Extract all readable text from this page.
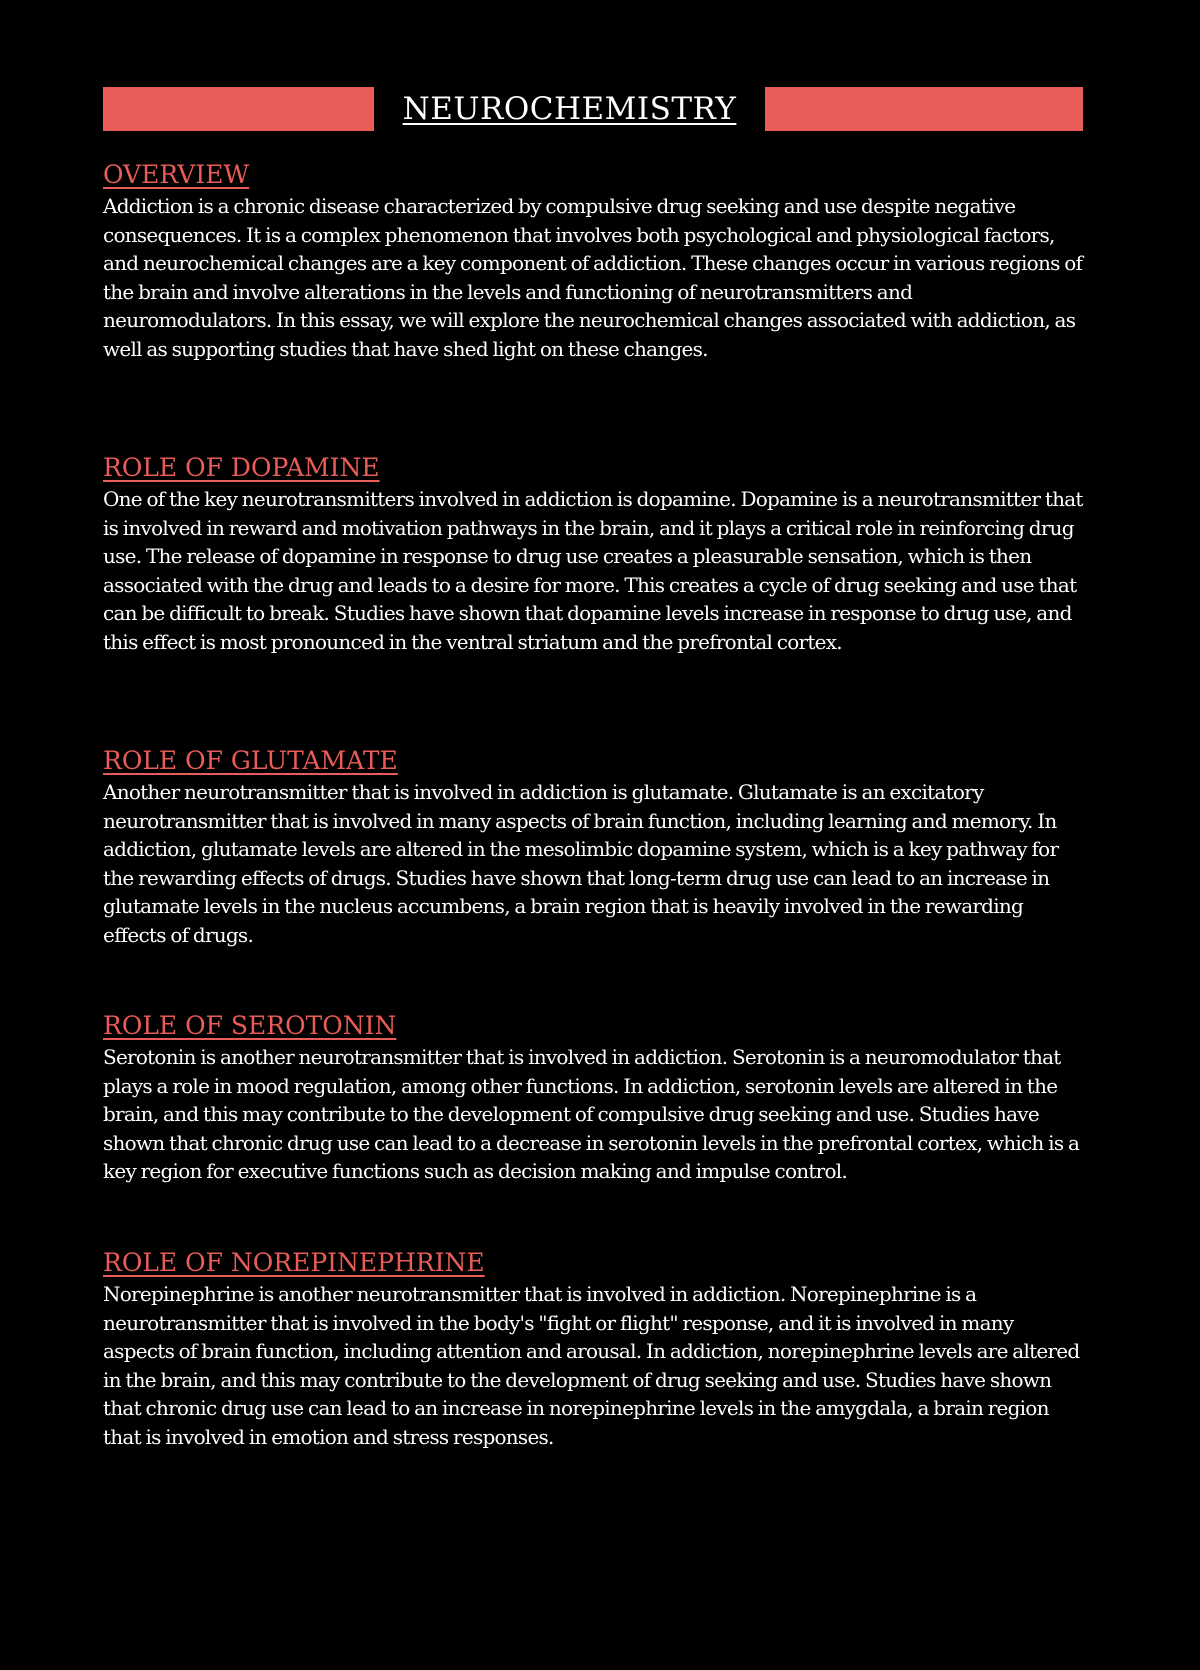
NEUROCHEMISTRY
OVERVIEW

Addiction is a chronic disease characterized by compulsive drug seeking and use despite negative consequences. It is a complex phenomenon that involves both psychological and physiological factors, and neurochemical changes are a key component of addiction. These changes occur in various regions of the brain and involve alterations in the levels and functioning of neurotransmitters and neuromodulators. In this essay, we will explore the neurochemical changes associated with addiction, as well as supporting studies that have shed light on these changes.

ROLE OF DOPAMINE

One of the key neurotransmitters involved in addiction is dopamine. Dopamine is a neurotransmitter that is involved in reward and motivation pathways in the brain, and it plays a critical role in reinforcing drug use. The release of dopamine in response to drug use creates a pleasurable sensation, which is then associated with the drug and leads to a desire for more. This creates a cycle of drug seeking and use that can be difficult to break. Studies have shown that dopamine levels increase in response to drug use, and this effect is most pronounced in the ventral striatum and the prefrontal cortex.

ROLE OF GLUTAMATE

Another neurotransmitter that is involved in addiction is glutamate. Glutamate is an excitatory neurotransmitter that is involved in many aspects of brain function, including learning and memory. In addiction, glutamate levels are altered in the mesolimbic dopamine system, which is a key pathway for the rewarding effects of drugs. Studies have shown that long-term drug use can lead to an increase in glutamate levels in the nucleus accumbens, a brain region that is heavily involved in the rewarding effects of drugs.

ROLE OF SEROTONIN

Serotonin is another neurotransmitter that is involved in addiction. Serotonin is a neuromodulator that plays a role in mood regulation, among other functions. In addiction, serotonin levels are altered in the brain, and this may contribute to the development of compulsive drug seeking and use. Studies have shown that chronic drug use can lead to a decrease in serotonin levels in the prefrontal cortex, which is a key region for executive functions such as decision making and impulse control.

ROLE OF NOREPINEPHRINE

Norepinephrine is another neurotransmitter that is involved in addiction. Norepinephrine is a neurotransmitter that is involved in the body's "fight or flight" response, and it is involved in many aspects of brain function, including attention and arousal. In addiction, norepinephrine levels are altered in the brain, and this may contribute to the development of drug seeking and use. Studies have shown that chronic drug use can lead to an increase in norepinephrine levels in the amygdala, a brain region that is involved in emotion and stress responses.
